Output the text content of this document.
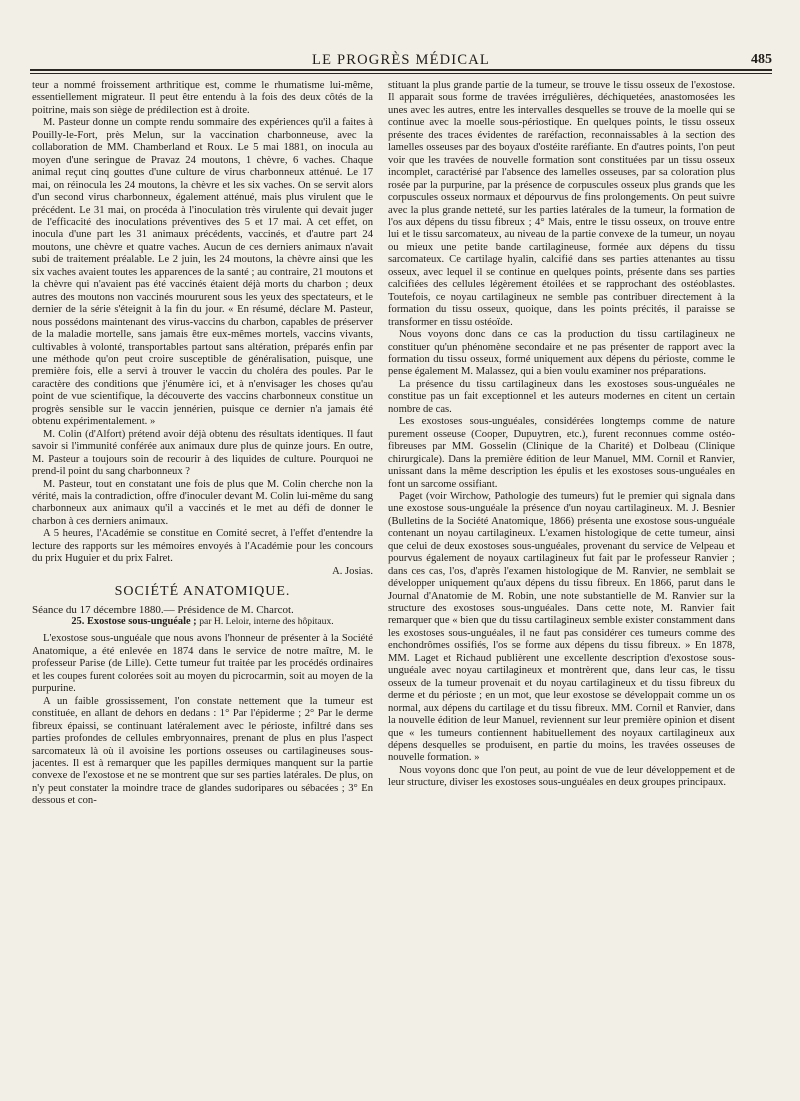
LE PROGRÈS MÉDICAL	485

teur a nommé froissement arthritique est, comme le rhumatisme lui-même, essentiellement migrateur. Il peut être entendu à la fois des deux côtés de la poitrine, mais son siège de prédilection est à droite.

M. Pasteur donne un compte rendu sommaire des expériences qu'il a faites à Pouilly-le-Fort, près Melun, sur la vaccination charbonneuse, avec la collaboration de MM. Chamberland et Roux. Le 5 mai 1881, on inocula au moyen d'une seringue de Pravaz 24 moutons, 1 chèvre, 6 vaches. Chaque animal reçut cinq gouttes d'une culture de virus charbonneux atténué. Le 17 mai, on réinocula les 24 moutons, la chèvre et les six vaches. On se servit alors d'un second virus charbonneux, également atténué, mais plus virulent que le précédent. Le 31 mai, on procéda à l'inoculation très virulente qui devait juger de l'efficacité des inoculations préventives des 5 et 17 mai. A cet effet, on inocula d'une part les 31 animaux précédents, vaccinés, et d'autre part 24 moutons, une chèvre et quatre vaches. Aucun de ces derniers animaux n'avait subi de traitement préalable. Le 2 juin, les 24 moutons, la chèvre ainsi que les six vaches avaient toutes les apparences de la santé ; au contraire, 21 moutons et la chèvre qui n'avaient pas été vaccinés étaient déjà morts du charbon ; deux autres des moutons non vaccinés moururent sous les yeux des spectateurs, et le dernier de la série s'éteignit à la fin du jour. « En résumé, déclare M. Pasteur, nous possédons maintenant des virus-vaccins du charbon, capables de préserver de la maladie mortelle, sans jamais être eux-mêmes mortels, vaccins vivants, cultivables à volonté, transportables partout sans altération, préparés enfin par une méthode qu'on peut croire susceptible de généralisation, puisque, une première fois, elle a servi à trouver le vaccin du choléra des poules. Par le caractère des conditions que j'énumère ici, et à n'envisager les choses qu'au point de vue scientifique, la découverte des vaccins charbonneux constitue un progrès sensible sur le vaccin jennérien, puisque ce dernier n'a jamais été obtenu expérimentalement. »

M. Colin (d'Alfort) prétend avoir déjà obtenu des résultats identiques. Il faut savoir si l'immunité conférée aux animaux dure plus de quinze jours. En outre, M. Pasteur a toujours soin de recourir à des liquides de culture. Pourquoi ne prend-il point du sang charbonneux ?

M. Pasteur, tout en constatant une fois de plus que M. Colin cherche non la vérité, mais la contradiction, offre d'inoculer devant M. Colin lui-même du sang charbonneux aux animaux qu'il a vaccinés et le met au défi de donner le charbon à ces derniers animaux.

A 5 heures, l'Académie se constitue en Comité secret, à l'effet d'entendre la lecture des rapports sur les mémoires envoyés à l'Académie pour les concours du prix Huguier et du prix Falret.

A. Josias.

SOCIÉTÉ ANATOMIQUE.

Séance du 17 décembre 1880.— Présidence de M. Charcot.

25. Exostose sous-unguéale ; par H. Leloir, interne des hôpitaux.

L'exostose sous-unguéale que nous avons l'honneur de présenter à la Société Anatomique, a été enlevée en 1874 dans le service de notre maître, M. le professeur Parise (de Lille). Cette tumeur fut traitée par les procédés ordinaires et les coupes furent colorées soit au moyen du picrocarmin, soit au moyen de la purpurine.

A un faible grossissement, l'on constate nettement que la tumeur est constituée, en allant de dehors en dedans : 1° Par l'épiderme ; 2° Par le derme fibreux épaissi, se continuant latéralement avec le périoste, infiltré dans ses parties profondes de cellules embryonnaires, prenant de plus en plus l'aspect sarcomateux là où il avoisine les portions osseuses ou cartilagineuses sous-jacentes. Il est à remarquer que les papilles dermiques manquent sur la partie convexe de l'exostose et ne se montrent que sur ses parties latérales. De plus, on n'y peut constater la moindre trace de glandes sudoripares ou sébacées ; 3° En dessous et con-

stituant la plus grande partie de la tumeur, se trouve le tissu osseux de l'exostose. Il apparait sous forme de travées irrégulières, déchiquetées, anastomosées les unes avec les autres, entre les intervalles desquelles se trouve de la moelle qui se continue avec la moelle sous-périostique. En quelques points, le tissu osseux présente des traces évidentes de raréfaction, reconnaissables à la section des lamelles osseuses par des boyaux d'ostéite raréfiante. En d'autres points, l'on peut voir que les travées de nouvelle formation sont constituées par un tissu osseux incomplet, caractérisé par l'absence des lamelles osseuses, par sa coloration plus rosée par la purpurine, par la présence de corpuscules osseux plus grands que les corpuscules osseux normaux et dépourvus de fins prolongements. On peut suivre avec la plus grande netteté, sur les parties latérales de la tumeur, la formation de l'os aux dépens du tissu fibreux ; 4° Mais, entre le tissu osseux, on trouve entre lui et le tissu sarcomateux, au niveau de la partie convexe de la tumeur, un noyau ou mieux une petite bande cartilagineuse, formée aux dépens du tissu sarcomateux. Ce cartilage hyalin, calcifié dans ses parties attenantes au tissu osseux, avec lequel il se continue en quelques points, présente dans ses parties calcifiées des cellules légèrement étoilées et se rapprochant des ostéoblastes. Toutefois, ce noyau cartilagineux ne semble pas contribuer directement à la formation du tissu osseux, quoique, dans les points précités, il paraisse se transformer en tissu ostéoïde.

Nous voyons donc dans ce cas la production du tissu cartilagineux ne constituer qu'un phénomène secondaire et ne pas présenter de rapport avec la formation du tissu osseux, formé uniquement aux dépens du périoste, comme le pense également M. Malassez, qui a bien voulu examiner nos préparations.

La présence du tissu cartilagineux dans les exostoses sous-unguéales ne constitue pas un fait exceptionnel et les auteurs modernes en citent un certain nombre de cas.

Les exostoses sous-unguéales, considérées longtemps comme de nature purement osseuse (Cooper, Dupuytren, etc.), furent reconnues comme ostéo-fibreuses par MM. Gosselin (Clinique de la Charité) et Dolbeau (Clinique chirurgicale). Dans la première édition de leur Manuel, MM. Cornil et Ranvier, unissant dans la même description les épulis et les exostoses sous-unguéales en font un sarcome ossifiant.

Paget (voir Wirchow, Pathologie des tumeurs) fut le premier qui signala dans une exostose sous-unguéale la présence d'un noyau cartilagineux. M. J. Besnier (Bulletins de la Société Anatomique, 1866) présenta une exostose sous-unguéale contenant un noyau cartilagineux. L'examen histologique de cette tumeur, ainsi que celui de deux exostoses sous-unguéales, provenant du service de Velpeau et pourvus également de noyaux cartilagineux fut fait par le professeur Ranvier ; dans ces cas, l'os, d'après l'examen histologique de M. Ranvier, ne semblait se développer uniquement qu'aux dépens du tissu fibreux. En 1866, parut dans le Journal d'Anatomie de M. Robin, une note substantielle de M. Ranvier sur la structure des exostoses sous-unguéales. Dans cette note, M. Ranvier fait remarquer que « bien que du tissu cartilagineux semble exister constamment dans les exostoses sous-unguéales, il ne faut pas considérer ces tumeurs comme des enchondrômes ossifiés, l'os se forme aux dépens du tissu fibreux. » En 1878, MM. Laget et Richaud publièrent une excellente description d'exostose sous-unguéale avec noyau cartilagineux et montrèrent que, dans leur cas, le tissu osseux de la tumeur provenait et du noyau cartilagineux et du tissu fibreux du derme et du périoste ; en un mot, que leur exostose se développait comme un os normal, aux dépens du cartilage et du tissu fibreux. MM. Cornil et Ranvier, dans la nouvelle édition de leur Manuel, reviennent sur leur première opinion et disent que « les tumeurs contiennent habituellement des noyaux cartilagineux aux dépens desquelles se produisent, en partie du moins, les travées osseuses de nouvelle formation. »

Nous voyons donc que l'on peut, au point de vue de leur développement et de leur structure, diviser les exostoses sous-unguéales en deux groupes principaux.
